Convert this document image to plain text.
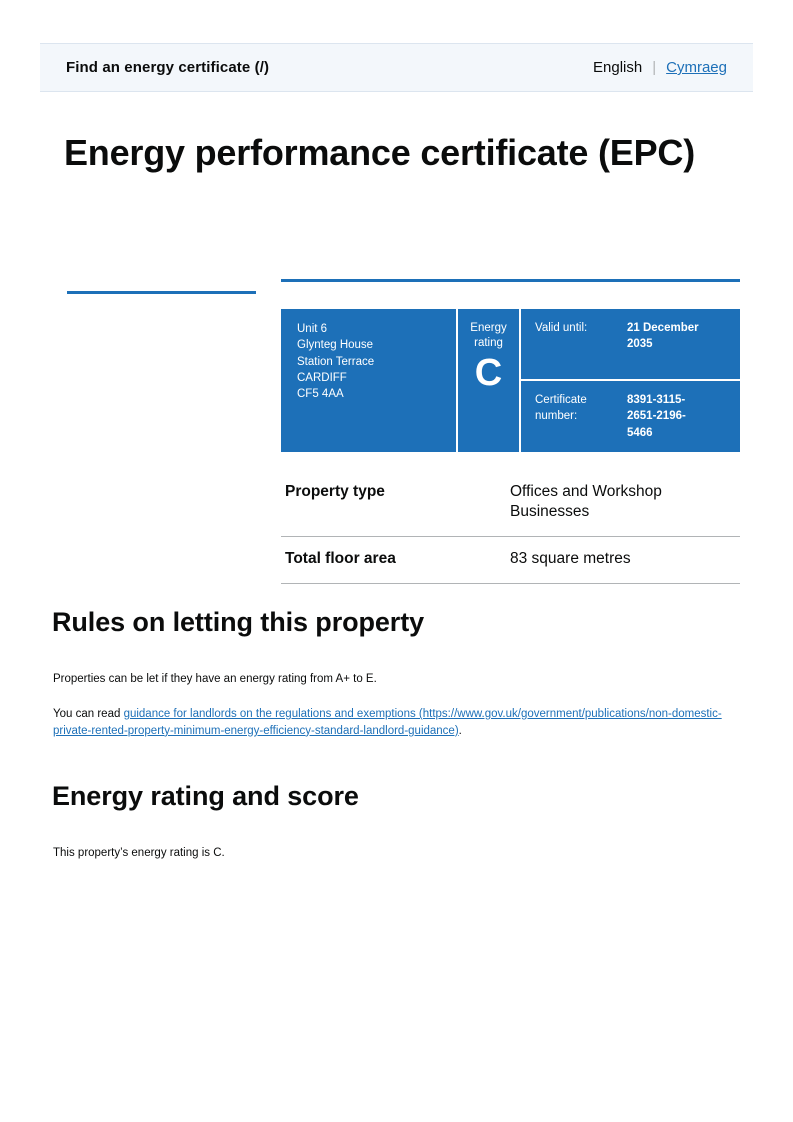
Find an energy certificate (/)	English | Cymraeg
Energy performance certificate (EPC)
Unit 6
Glynteg House
Station Terrace
CARDIFF
CF5 4AA
Energy
rating
C
Valid until:	21 December
2035
Certificate number:
8391-3115-
2651-2196-
5466
Property type	Offices and Workshop Businesses
Total floor area	83 square metres
Rules on letting this property

Properties can be let if they have an energy rating from A+ to E.

You can read guidance for landlords on the regulations and exemptions (https://www.gov.uk/government/publications/non-domestic-private-rented-property-minimum-energy-efficiency-standard-landlord-guidance).

Energy rating and score

This property’s energy rating is C.
